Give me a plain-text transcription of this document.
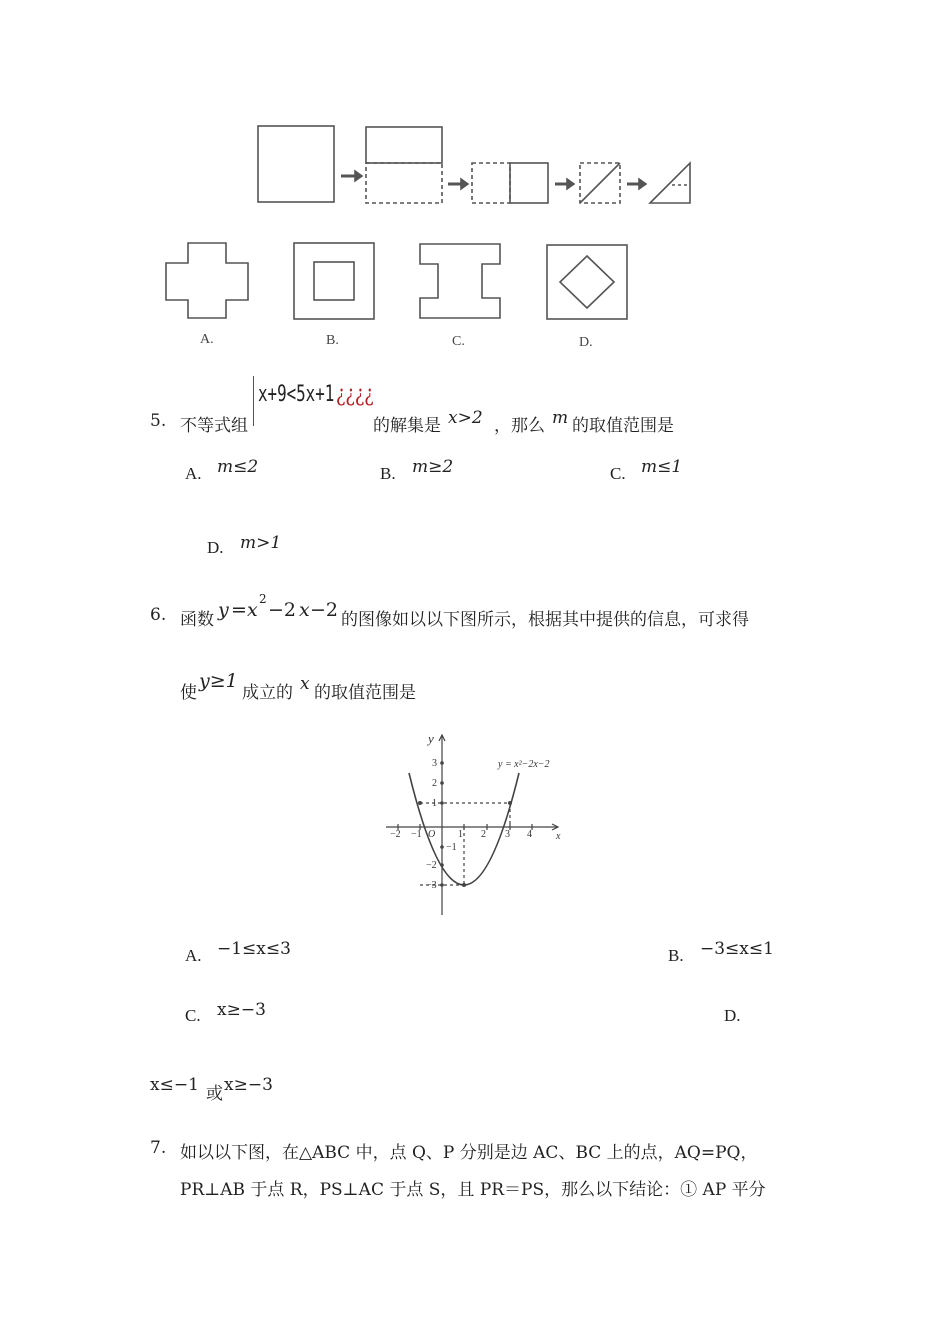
A.	B.	C.	D.
5. 不等式组
x+9<5x+1 ¿¿¿¿
的解集是 x>2 ，那么 m 的取值范围是
A. m≤2	B. m≥2	C. m≤1
D. m>1
6. 函数 y = x 2 −2 x −2 的图像如以以下图所示，根据其中提供的信息，可求得
使
y≥1
成立的 x 的取值范围是
y
x
O
y = x²−2x−2
−2 −1	1 2 3 4
3
2
1
−1
−2
−3
A. −1≤x≤3	B. −3≤x≤1
C. x≥−3	D.
x≤−1 或 x≥−3
7. 如以以下图，在△ABC 中，点 Q、P 分别是边 AC、BC 上的点，AQ=PQ，
PR⊥AB 于点 R，PS⊥AC 于点 S，且 PR＝PS，那么以下结论：① AP 平分
